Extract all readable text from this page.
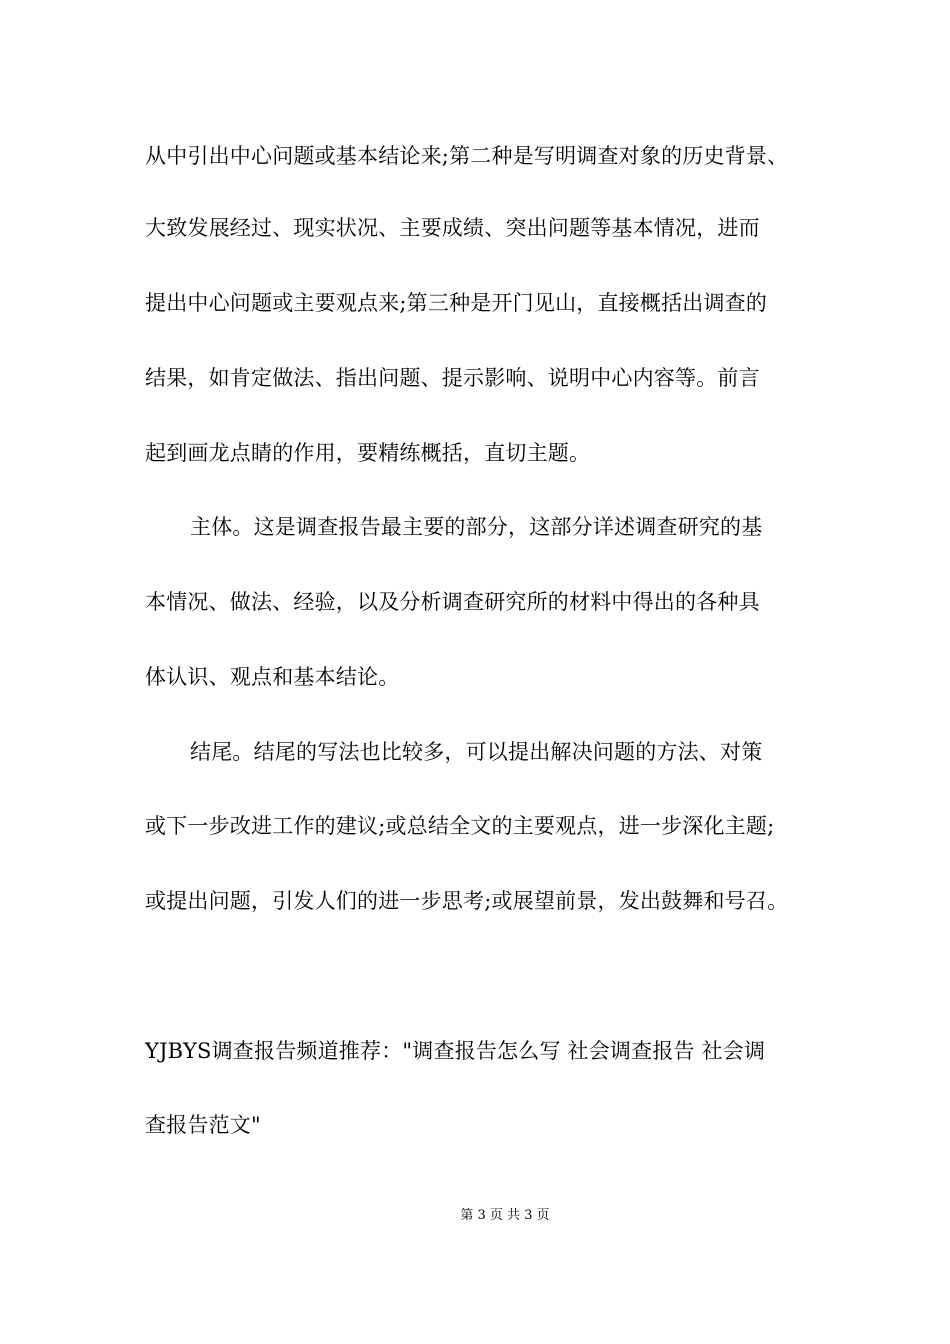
从中引出中心问题或基本结论来;第二种是写明调查对象的历史背景、
大致发展经过、现实状况、主要成绩、突出问题等基本情况，进而
提出中心问题或主要观点来;第三种是开门见山，直接概括出调查的
结果，如肯定做法、指出问题、提示影响、说明中心内容等。前言
起到画龙点睛的作用，要精练概括，直切主题。
主体。这是调查报告最主要的部分，这部分详述调查研究的基
本情况、做法、经验，以及分析调查研究所的材料中得出的各种具
体认识、观点和基本结论。
结尾。结尾的写法也比较多，可以提出解决问题的方法、对策
或下一步改进工作的建议;或总结全文的主要观点，进一步深化主题;
或提出问题，引发人们的进一步思考;或展望前景，发出鼓舞和号召。
YJBYS调查报告频道推荐："调查报告怎么写 社会调查报告 社会调
查报告范文"
第 3 页 共 3 页
